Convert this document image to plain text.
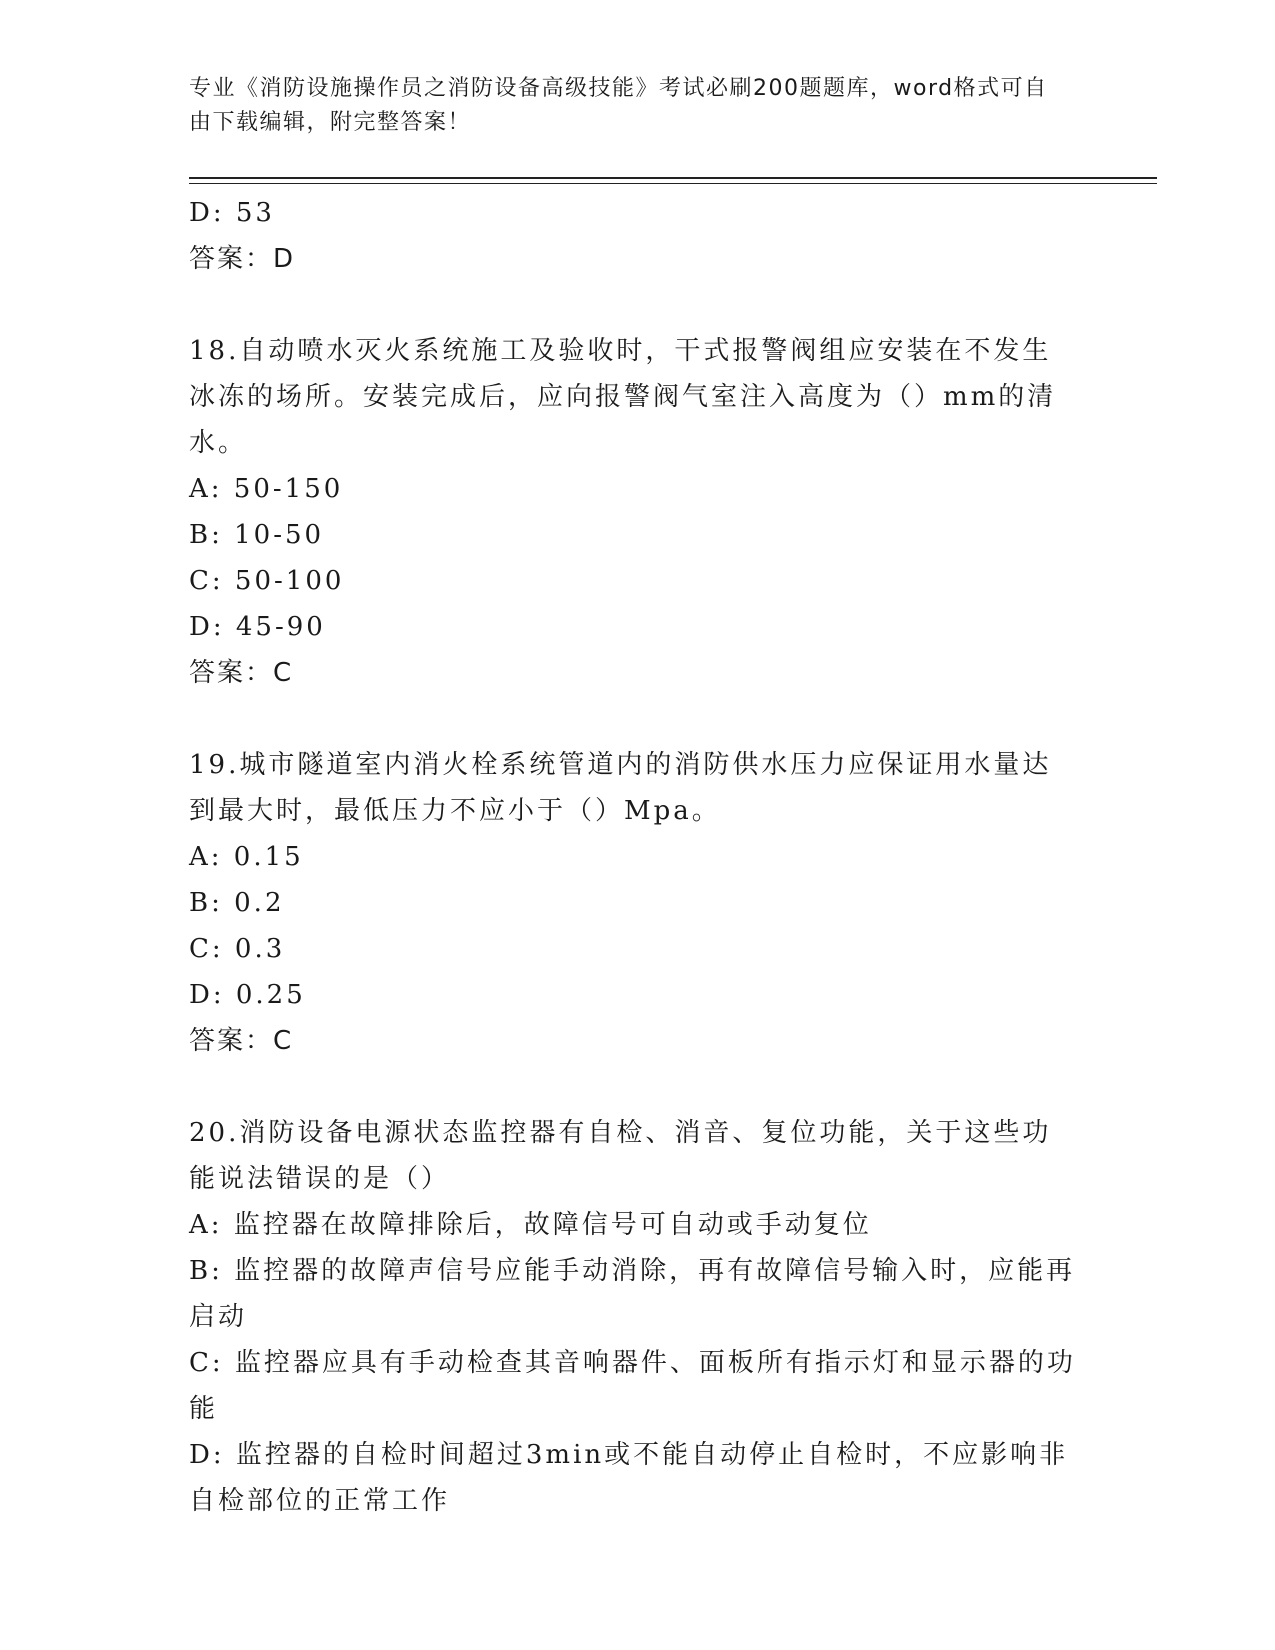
专业《消防设施操作员之消防设备高级技能》考试必刷200题题库，word格式可自由下载编辑，附完整答案！
D: 53
答案：D
18.自动喷水灭火系统施工及验收时，干式报警阀组应安装在不发生冰冻的场所。安装完成后，应向报警阀气室注入高度为（）mm的清水。
A: 50-150
B: 10-50
C: 50-100
D: 45-90
答案：C
19.城市隧道室内消火栓系统管道内的消防供水压力应保证用水量达到最大时，最低压力不应小于（）Mpa。
A: 0.15
B: 0.2
C: 0.3
D: 0.25
答案：C
20.消防设备电源状态监控器有自检、消音、复位功能，关于这些功能说法错误的是（）
A: 监控器在故障排除后，故障信号可自动或手动复位
B: 监控器的故障声信号应能手动消除，再有故障信号输入时，应能再启动
C: 监控器应具有手动检查其音响器件、面板所有指示灯和显示器的功能
D: 监控器的自检时间超过3min或不能自动停止自检时，不应影响非自检部位的正常工作
